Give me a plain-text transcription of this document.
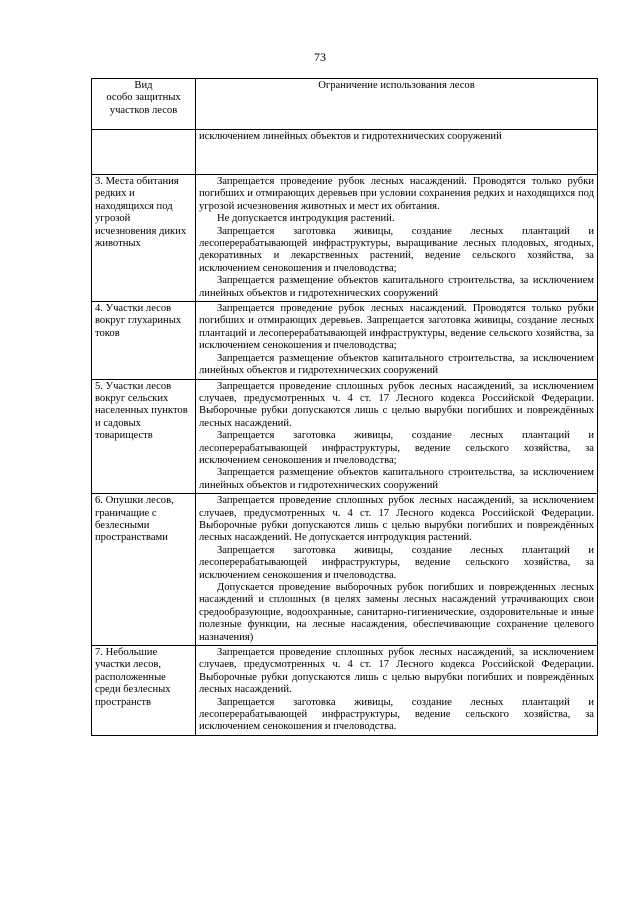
73
Вид
особо защитных
участков лесов	Ограничение использования лесов

	исключением линейных объектов и гидротехнических сооружений

3. Места обитания редких и находящихся под угрозой исчезновения диких животных	Запрещается проведение рубок лесных насаждений. Проводятся только рубки погибших и отмирающих деревьев при условии сохранения редких и находящихся под угрозой исчезновения животных и мест их обитания.

Не допускается интродукция растений.

Запрещается заготовка живицы, создание лесных плантаций и лесоперерабатывающей инфраструктуры, выращивание лесных плодовых, ягодных, декоративных и лекарственных растений, ведение сельского хозяйства, за исключением сенокошения и пчеловодства;

Запрещается размещение объектов капитального строительства, за исключением линейных объектов и гидротехнических сооружений

4. Участки лесов вокруг глухариных токов	Запрещается проведение рубок лесных насаждений. Проводятся только рубки погибших и отмирающих деревьев. Запрещается заготовка живицы, создание лесных плантаций и лесоперерабатывающей инфраструктуры, ведение сельского хозяйства, за исключением сенокошения и пчеловодства;

Запрещается размещение объектов капитального строительства, за исключением линейных объектов и гидротехнических сооружений

5. Участки лесов вокруг сельских населенных пунктов и садовых товариществ	Запрещается проведение сплошных рубок лесных насаждений, за исключением случаев, предусмотренных ч. 4 ст. 17 Лесного кодекса Российской Федерации. Выборочные рубки допускаются лишь с целью вырубки погибших и повреждённых лесных насаждений.

Запрещается заготовка живицы, создание лесных плантаций и лесоперерабатывающей инфраструктуры, ведение сельского хозяйства, за исключением сенокошения и пчеловодства;

Запрещается размещение объектов капитального строительства, за исключением линейных объектов и гидротехнических сооружений

6. Опушки лесов, граничащие с безлесными пространствами	Запрещается проведение сплошных рубок лесных насаждений, за исключением случаев, предусмотренных ч. 4 ст. 17 Лесного кодекса Российской Федерации. Выборочные рубки допускаются лишь с целью вырубки погибших и повреждённых лесных насаждений. Не допускается интродукция растений.

Запрещается заготовка живицы, создание лесных плантаций и лесоперерабатывающей инфраструктуры, ведение сельского хозяйства, за исключением сенокошения и пчеловодства.

Допускается проведение выборочных рубок погибших и поврежденных лесных насаждений и сплошных (в целях замены лесных насаждений утрачивающих свои средообразующие, водоохранные, санитарно-гигиенические, оздоровительные и иные полезные функции, на лесные насаждения, обеспечивающие сохранение целевого назначения)

7. Небольшие участки лесов, расположенные среди безлесных пространств	Запрещается проведение сплошных рубок лесных насаждений, за исключением случаев, предусмотренных ч. 4 ст. 17 Лесного кодекса Российской Федерации. Выборочные рубки допускаются лишь с целью вырубки погибших и повреждённых лесных насаждений.

Запрещается заготовка живицы, создание лесных плантаций и лесоперерабатывающей инфраструктуры, ведение сельского хозяйства, за исключением сенокошения и пчеловодства.
